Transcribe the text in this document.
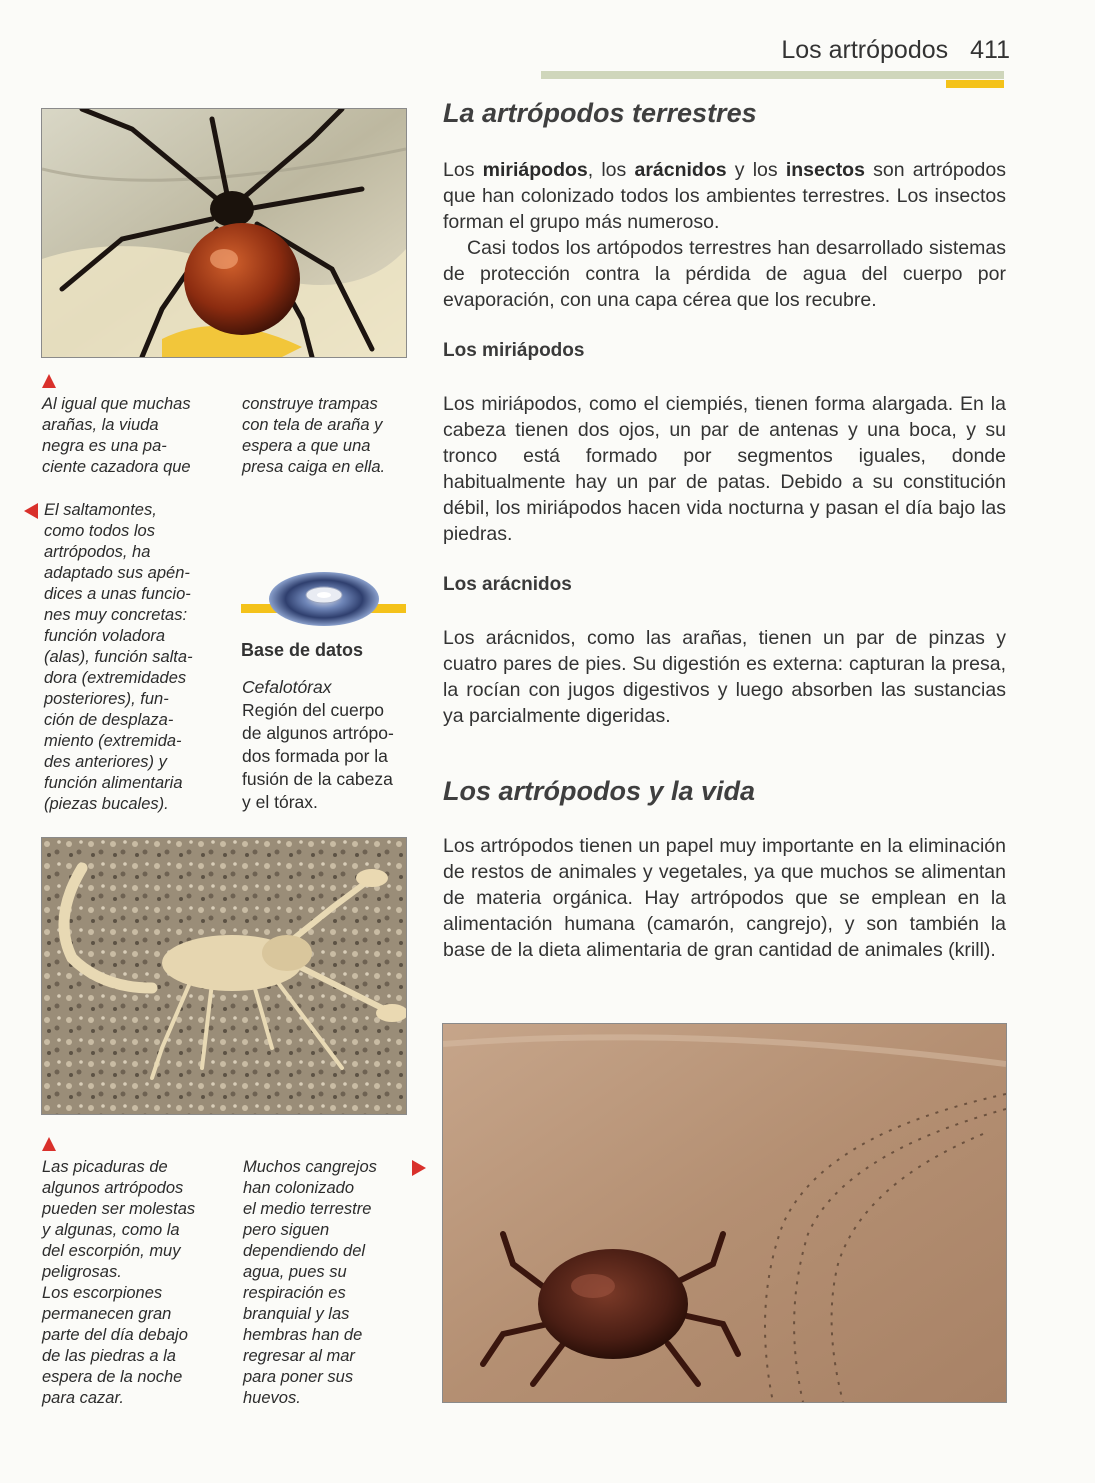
Los artrópodos 411
Al igual que muchas
arañas, la viuda
negra es una pa-
ciente cazadora que
construye trampas
con tela de araña y
espera a que una
presa caiga en ella.
El saltamontes,
como todos los
artrópodos, ha
adaptado sus apén-
dices a unas funcio-
nes muy concretas:
función voladora
(alas), función salta-
dora (extremidades
posteriores), fun-
ción de desplaza-
miento (extremida-
des anteriores) y
función alimentaria
(piezas bucales).
Base de datos
Cefalotórax
Región del cuerpo
de algunos artrópo-
dos formada por la
fusión de la cabeza
y el tórax.
Las picaduras de
algunos artrópodos
pueden ser molestas
y algunas, como la
del escorpión, muy
peligrosas.
Los escorpiones
permanecen gran
parte del día debajo
de las piedras a la
espera de la noche
para cazar.
Muchos cangrejos
han colonizado
el medio terrestre
pero siguen
dependiendo del
agua, pues su
respiración es
branquial y las
hembras han de
regresar al mar
para poner sus
huevos.
La artrópodos terrestres

Los miriápodos, los arácnidos y los insectos son artrópodos que han colonizado todos los ambientes terrestres. Los insectos forman el grupo más numeroso.

Casi todos los artópodos terrestres han desarrollado sistemas de protección contra la pérdida de agua del cuerpo por evaporación, con una capa cérea que los recubre.

Los miriápodos
Los miriápodos, como el ciempiés, tienen forma alargada. En la cabeza tienen dos ojos, un par de antenas y una boca, y su tronco está formado por segmentos iguales, donde habitualmente hay un par de patas. Debido a su constitución débil, los miriápodos hacen vida nocturna y pasan el día bajo las piedras.
Los arácnidos
Los arácnidos, como las arañas, tienen un par de pinzas y cuatro pares de pies. Su digestión es externa: capturan la presa, la rocían con jugos digestivos y luego absorben las sustancias ya parcialmente digeridas.
Los artrópodos y la vida
Los artrópodos tienen un papel muy importante en la eliminación de restos de animales y vegetales, ya que muchos se alimentan de materia orgánica. Hay artrópodos que se emplean en la alimentación humana (camarón, cangrejo), y son también la base de la dieta alimentaria de gran cantidad de animales (krill).
